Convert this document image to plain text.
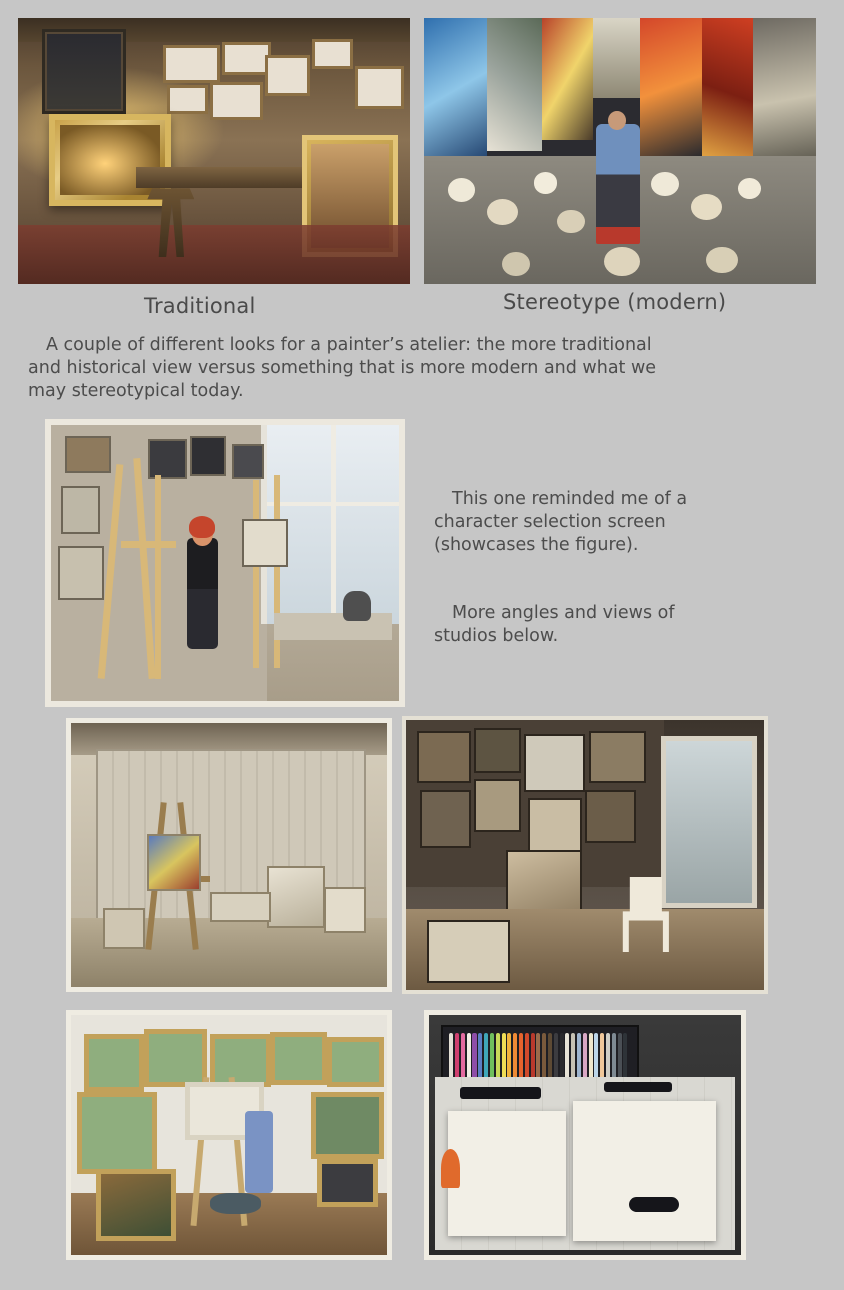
Traditional	Stereotype (modern)
A couple of different looks for a painter’s atelier: the more traditional and historical view versus something that is more modern and what we may stereotypical today.
This one reminded me of a character selection screen (showcases the figure).
More angles and views of studios below.
